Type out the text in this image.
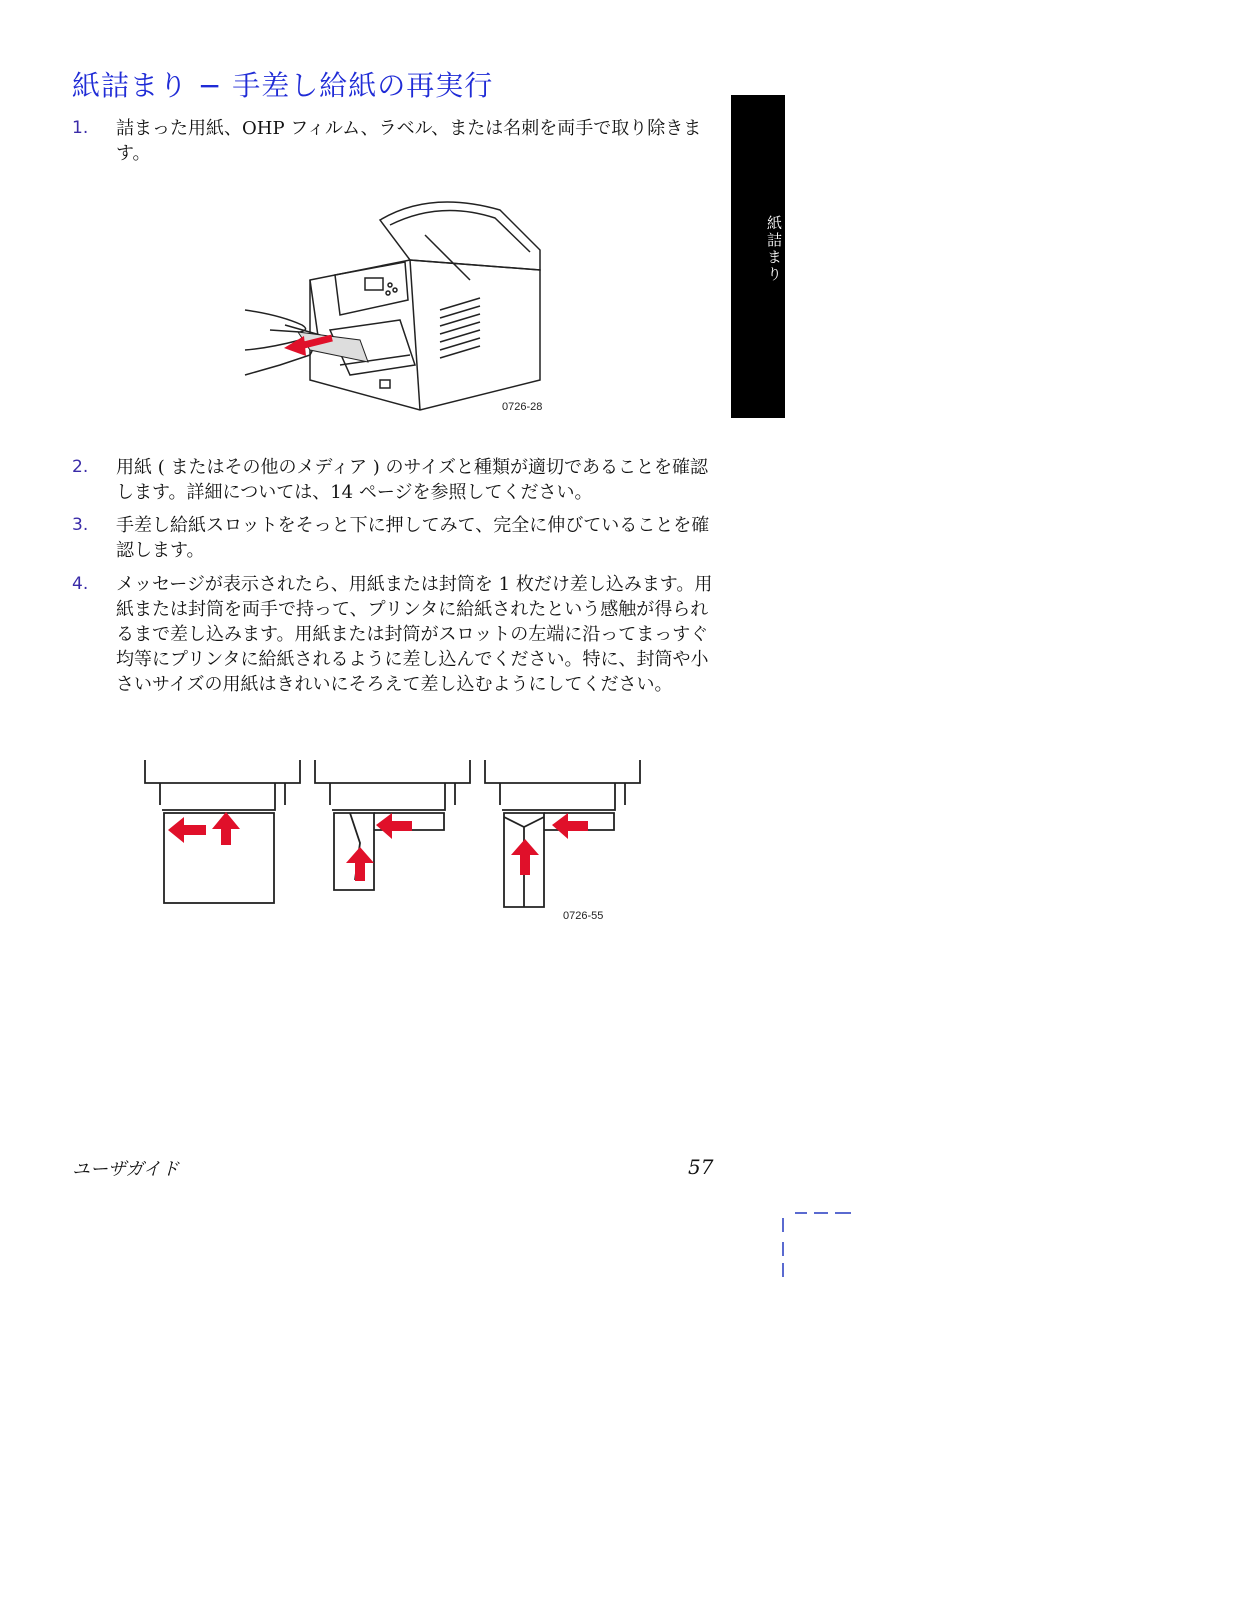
紙詰まり − 手差し給紙の再実行
紙詰まり
1. 詰まった用紙、OHP フィルム、ラベル、または名刺を両手で取り除きます。
0726-28
2. 用紙 ( またはその他のメディア ) のサイズと種類が適切であることを確認します。詳細については、14 ページを参照してください。
3. 手差し給紙スロットをそっと下に押してみて、完全に伸びていることを確認します。
4. メッセージが表示されたら、用紙または封筒を 1 枚だけ差し込みます。用紙または封筒を両手で持って、プリンタに給紙されたという感触が得られるまで差し込みます。用紙または封筒がスロットの左端に沿ってまっすぐ均等にプリンタに給紙されるように差し込んでください。特に、封筒や小さいサイズの用紙はきれいにそろえて差し込むようにしてください。
0726-55
ユーザガイド	57
